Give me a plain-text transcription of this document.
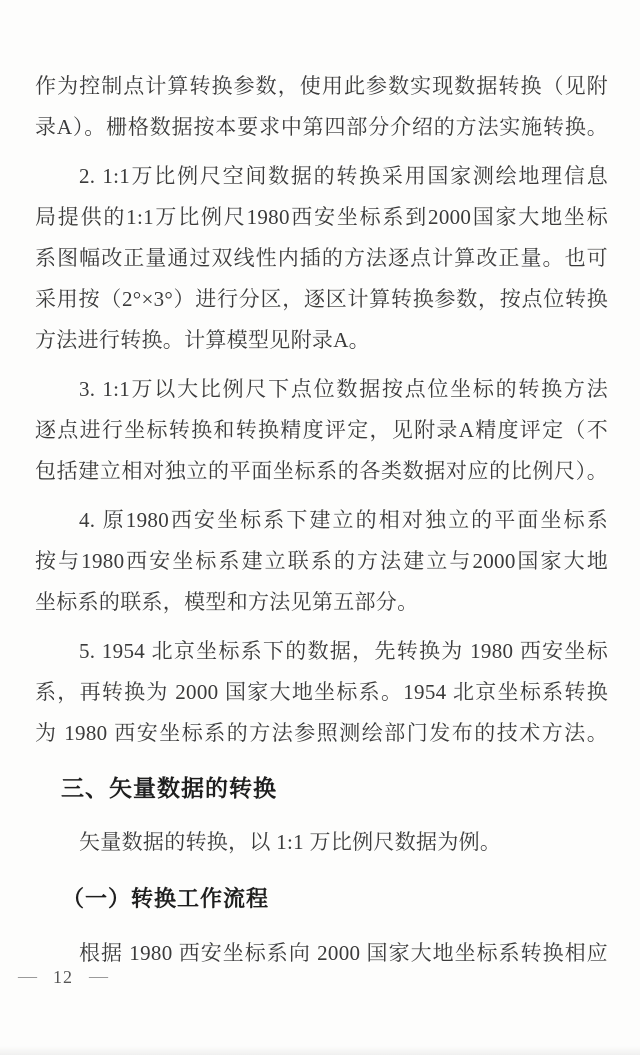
作为控制点计算转换参数，使用此参数实现数据转换（见附
录A）。栅格数据按本要求中第四部分介绍的方法实施转换。
2. 1:1万比例尺空间数据的转换采用国家测绘地理信息
局提供的1:1万比例尺1980西安坐标系到2000国家大地坐标
系图幅改正量通过双线性内插的方法逐点计算改正量。也可
采用按（2°×3°）进行分区，逐区计算转换参数，按点位转换
方法进行转换。计算模型见附录A。
3. 1:1万以大比例尺下点位数据按点位坐标的转换方法
逐点进行坐标转换和转换精度评定，见附录A精度评定（不
包括建立相对独立的平面坐标系的各类数据对应的比例尺）。
4. 原1980西安坐标系下建立的相对独立的平面坐标系
按与1980西安坐标系建立联系的方法建立与2000国家大地
坐标系的联系，模型和方法见第五部分。
5. 1954 北京坐标系下的数据，先转换为 1980 西安坐标
系，再转换为 2000 国家大地坐标系。1954 北京坐标系转换
为 1980 西安坐标系的方法参照测绘部门发布的技术方法。
三、矢量数据的转换
矢量数据的转换，以 1:1 万比例尺数据为例。
（一）转换工作流程
根据 1980 西安坐标系向 2000 国家大地坐标系转换相应
— 12 —
